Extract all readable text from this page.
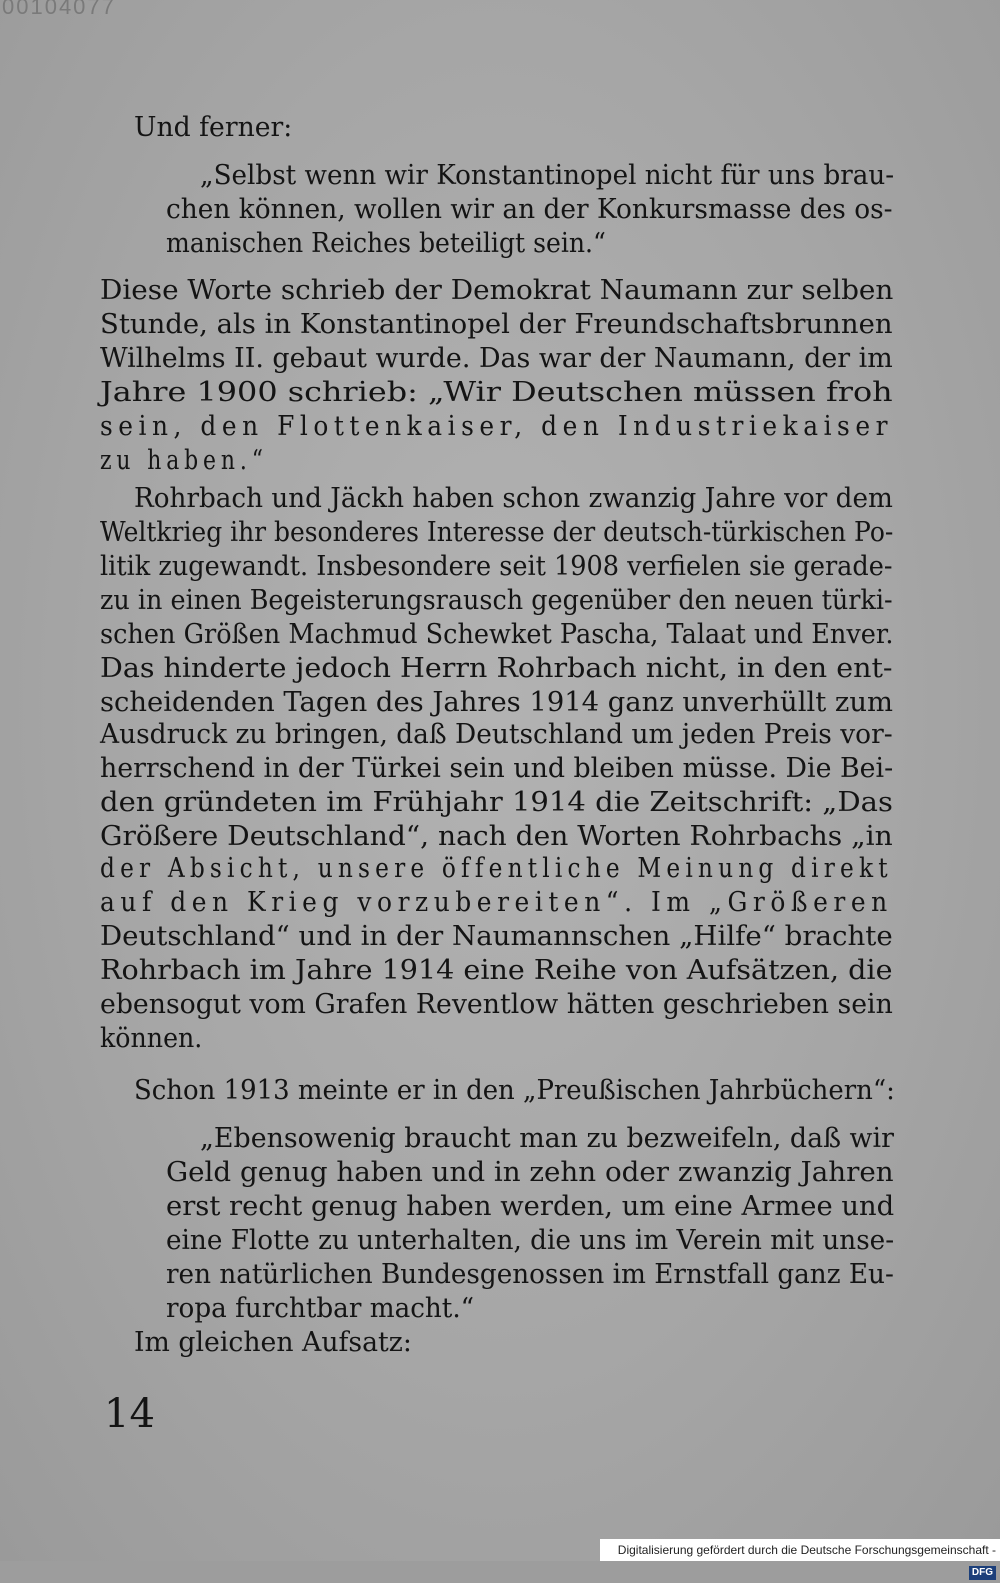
00104077
Und ferner:
„Selbst wenn wir Konstantinopel nicht für uns brau-
chen können, wollen wir an der Konkursmasse des os-
manischen Reiches beteiligt sein.“
Diese Worte schrieb der Demokrat Naumann zur selben
Stunde, als in Konstantinopel der Freundschaftsbrunnen
Wilhelms II. gebaut wurde. Das war der Naumann, der im
Jahre 1900 schrieb: „Wir Deutschen müssen froh
sein, den Flottenkaiser, den Industriekaiser
zu haben.“
Rohrbach und Jäckh haben schon zwanzig Jahre vor dem
Weltkrieg ihr besonderes Interesse der deutsch-türkischen Po-
litik zugewandt. Insbesondere seit 1908 verfielen sie gerade-
zu in einen Begeisterungsrausch gegenüber den neuen türki-
schen Größen Machmud Schewket Pascha, Talaat und Enver.
Das hinderte jedoch Herrn Rohrbach nicht, in den ent-
scheidenden Tagen des Jahres 1914 ganz unverhüllt zum
Ausdruck zu bringen, daß Deutschland um jeden Preis vor-
herrschend in der Türkei sein und bleiben müsse. Die Bei-
den gründeten im Frühjahr 1914 die Zeitschrift: „Das
Größere Deutschland“, nach den Worten Rohrbachs „in
der Absicht, unsere öffentliche Meinung direkt
auf den Krieg vorzubereiten“. Im „Größeren
Deutschland“ und in der Naumannschen „Hilfe“ brachte
Rohrbach im Jahre 1914 eine Reihe von Aufsätzen, die
ebensogut vom Grafen Reventlow hätten geschrieben sein
können.
Schon 1913 meinte er in den „Preußischen Jahrbüchern“:
„Ebensowenig braucht man zu bezweifeln, daß wir
Geld genug haben und in zehn oder zwanzig Jahren
erst recht genug haben werden, um eine Armee und
eine Flotte zu unterhalten, die uns im Verein mit unse-
ren natürlichen Bundesgenossen im Ernstfall ganz Eu-
ropa furchtbar macht.“
Im gleichen Aufsatz:
14
Digitalisierung gefördert durch die Deutsche Forschungsgemeinschaft - DFG
